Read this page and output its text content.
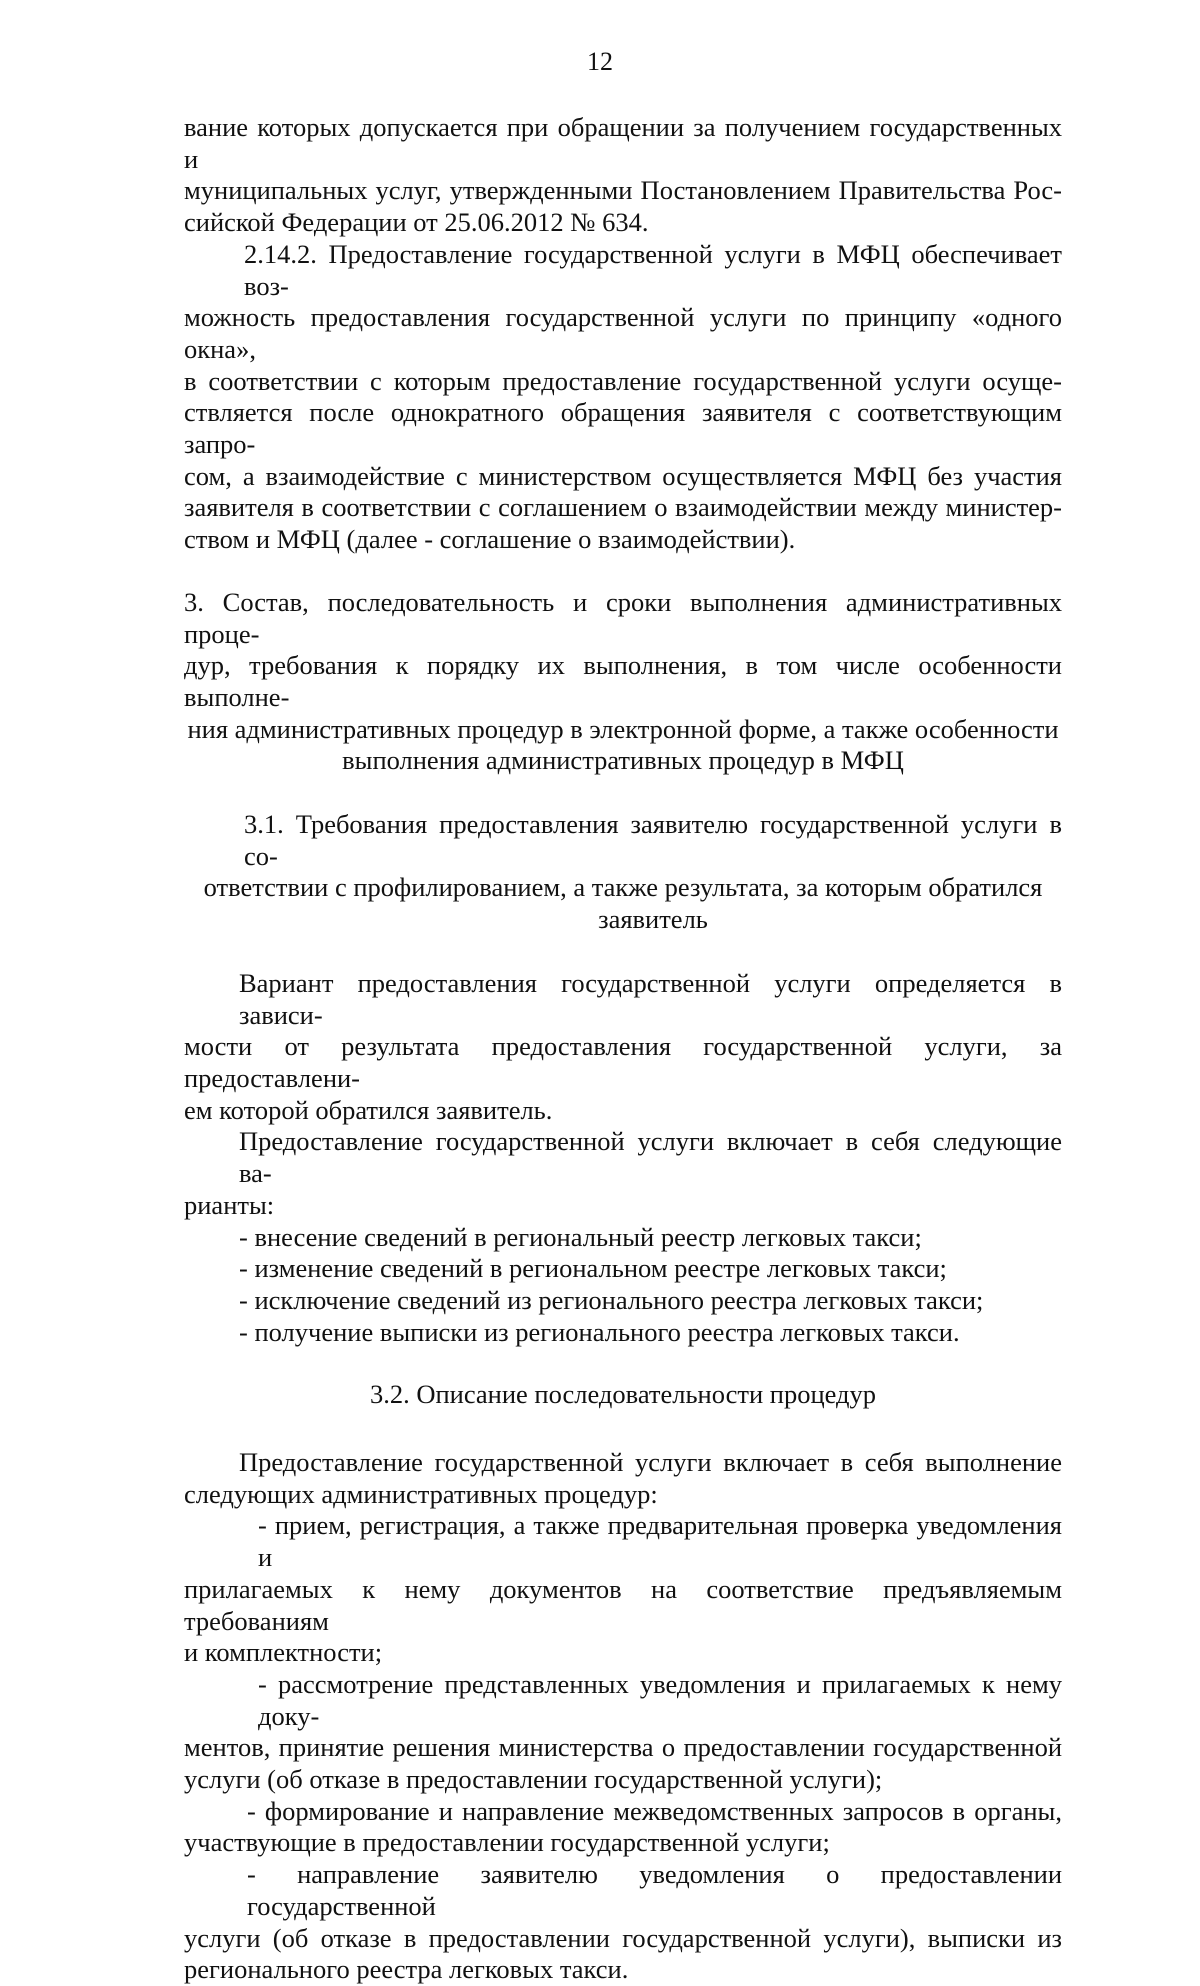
12

вание которых допускается при обращении за получением государственных и

муниципальных услуг, утвержденными Постановлением Правительства Рос-

сийской Федерации от 25.06.2012 № 634.

2.14.2. Предоставление государственной услуги в МФЦ обеспечивает воз-

можность предоставления государственной услуги по принципу «одного окна»,

в соответствии с которым предоставление государственной услуги осуще-

ствляется после однократного обращения заявителя с соответствующим запро-

сом, а взаимодействие с министерством осуществляется МФЦ без участия

заявителя в соответствии с соглашением о взаимодействии между министер-

ством и МФЦ (далее - соглашение о взаимодействии).

3. Состав, последовательность и сроки выполнения административных проце-

дур, требования к порядку их выполнения, в том числе особенности выполне-

ния административных процедур в электронной форме, а также особенности

выполнения административных процедур в МФЦ

3.1. Требования предоставления заявителю государственной услуги в со-

ответствии с профилированием, а также результата, за которым обратился

заявитель

Вариант предоставления государственной услуги определяется в зависи-

мости от результата предоставления государственной услуги, за предоставлени-

ем которой обратился заявитель.

Предоставление государственной услуги включает в себя следующие ва-

рианты:

- внесение сведений в региональный реестр легковых такси;

- изменение сведений в региональном реестре легковых такси;

- исключение сведений из регионального реестра легковых такси;

- получение выписки из регионального реестра легковых такси.

3.2. Описание последовательности процедур

Предоставление государственной услуги включает в себя выполнение

следующих административных процедур:

- прием, регистрация, а также предварительная проверка уведомления и

прилагаемых к нему документов на соответствие предъявляемым требованиям

и комплектности;

- рассмотрение представленных уведомления и прилагаемых к нему доку-

ментов, принятие решения министерства о предоставлении государственной

услуги (об отказе в предоставлении государственной услуги);

- формирование и направление межведомственных запросов в органы,

участвующие в предоставлении государственной услуги;

- направление заявителю уведомления о предоставлении государственной

услуги (об отказе в предоставлении государственной услуги), выписки из

регионального реестра легковых такси.
